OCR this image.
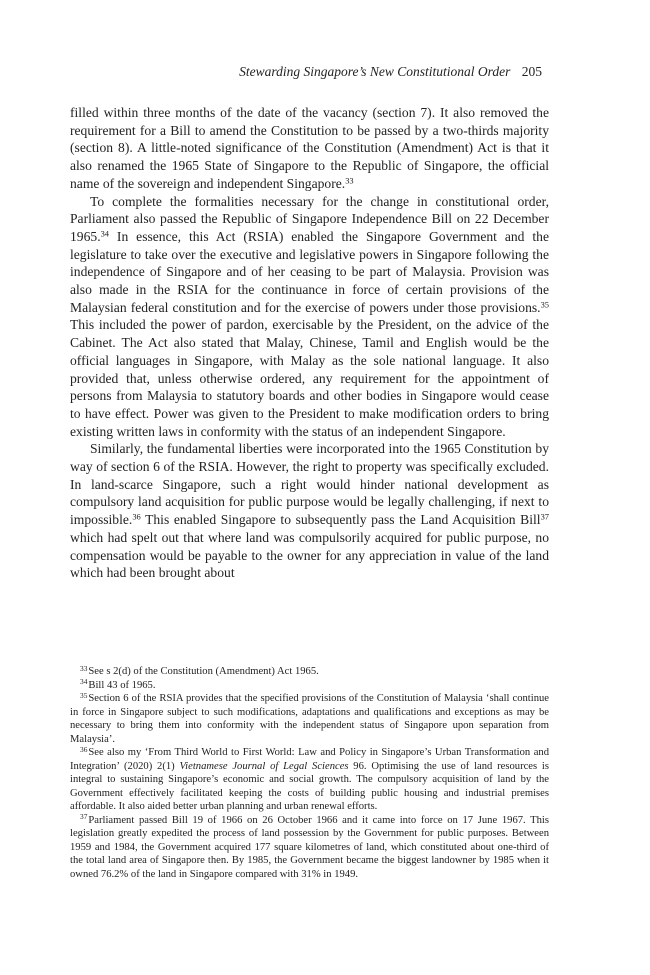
Stewarding Singapore’s New Constitutional Order 205

filled within three months of the date of the vacancy (section 7). It also removed the requirement for a Bill to amend the Constitution to be passed by a two-thirds majority (section 8). A little-noted significance of the Constitution (Amendment) Act is that it also renamed the 1965 State of Singapore to the Republic of Singapore, the official name of the sovereign and independent Singapore.$^{33}$

To complete the formalities necessary for the change in constitutional order, Parliament also passed the Republic of Singapore Independence Bill on 22 December 1965.34 In essence, this Act (RSIA) enabled the Singapore Government and the legislature to take over the executive and legislative powers in Singapore following the independence of Singapore and of her ceasing to be part of Malaysia. Provision was also made in the RSIA for the continuance in force of certain provisions of the Malaysian federal constitution and for the exercise of powers under those provisions.$^{35}$ This included the power of pardon, exercisable by the President, on the advice of the Cabinet. The Act also stated that Malay, Chinese, Tamil and English would be the official languages in Singapore, with Malay as the sole national language. It also provided that, unless otherwise ordered, any requirement for the appointment of persons from Malaysia to statutory boards and other bodies in Singapore would cease to have effect. Power was given to the President to make modification orders to bring existing written laws in conformity with the status of an independent Singapore.

Similarly, the fundamental liberties were incorporated into the 1965 Constitution by way of section 6 of the RSIA. However, the right to property was specifically excluded. In land-scarce Singapore, such a right would hinder national development as compulsory land acquisition for public purpose would be legally challenging, if next to impossible.$^{36}$ This enabled Singapore to subsequently pass the Land Acquisition Bill$^{37}$ which had spelt out that where land was compulsorily acquired for public purpose, no compensation would be payable to the owner for any appreciation in value of the land which had been brought about

$^{33}$See s 2(d) of the Constitution (Amendment) Act 1965.

$^{34}$Bill 43 of 1965.

$^{35}$Section 6 of the RSIA provides that the specified provisions of the Constitution of Malaysia ‘shall continue in force in Singapore subject to such modifications, adaptations and qualifications and exceptions as may be necessary to bring them into conformity with the independent status of Singapore upon separation from Malaysia’.

$^{36}$See also my ‘From Third World to First World: Law and Policy in Singapore’s Urban Transformation and Integration’ (2020) 2(1) Vietnamese Journal of Legal Sciences 96. Optimising the use of land resources is integral to sustaining Singapore’s economic and social growth. The compulsory acquisition of land by the Government effectively facilitated keeping the costs of building public housing and industrial premises affordable. It also aided better urban planning and urban renewal efforts.

$^{37}$Parliament passed Bill 19 of 1966 on 26 October 1966 and it came into force on 17 June 1967. This legislation greatly expedited the process of land possession by the Government for public purposes. Between 1959 and 1984, the Government acquired 177 square kilometres of land, which constituted about one-third of the total land area of Singapore then. By 1985, the Government became the biggest landowner by 1985 when it owned 76.2% of the land in Singapore compared with 31% in 1949.
